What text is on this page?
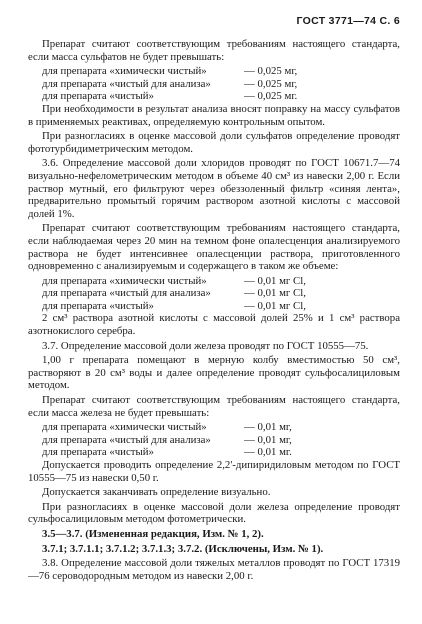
ГОСТ 3771—74 С. 6
Препарат считают соответствующим требованиям настоящего стандарта, если масса сульфатов не будет превышать:
для препарата «химически чистый»	— 0,025 мг,
для препарата «чистый для анализа»	— 0,025 мг,
для препарата «чистый»	— 0,025 мг.
При необходимости в результат анализа вносят поправку на массу сульфатов в применяемых реактивах, определяемую контрольным опытом.
При разногласиях в оценке массовой доли сульфатов определение проводят фототурбидиметрическим методом.
3.6. Определение массовой доли хлоридов проводят по ГОСТ 10671.7—74 визуально-нефелометрическим методом в объеме 40 см³ из навески 2,00 г. Если раствор мутный, его фильтруют через обеззоленный фильтр «синяя лента», предварительно промытый горячим раствором азотной кислоты с массовой долей 1%.
Препарат считают соответствующим требованиям настоящего стандарта, если наблюдаемая через 20 мин на темном фоне опалесценция анализируемого раствора не будет интенсивнее опалесценции раствора, приготовленного одновременно с анализируемым и содержащего в таком же объеме:
для препарата «химически чистый»	— 0,01 мг Cl,
для препарата «чистый для анализа»	— 0,01 мг Cl,
для препарата «чистый»	— 0,01 мг Cl,
2 см³ раствора азотной кислоты с массовой долей 25% и 1 см³ раствора азотнокислого серебра.
3.7. Определение массовой доли железа проводят по ГОСТ 10555—75.
1,00 г препарата помещают в мерную колбу вместимостью 50 см³, растворяют в 20 см³ воды и далее определение проводят сульфосалициловым методом.
Препарат считают соответствующим требованиям настоящего стандарта, если масса железа не будет превышать:
для препарата «химически чистый»	— 0,01 мг,
для препарата «чистый для анализа»	— 0,01 мг,
для препарата «чистый»	— 0,01 мг.
Допускается проводить определение 2,2'-дипиридиловым методом по ГОСТ 10555—75 из навески 0,50 г.
Допускается заканчивать определение визуально.
При разногласиях в оценке массовой доли железа определение проводят сульфосалициловым методом фотометрически.
3.5—3.7. (Измененная редакция, Изм. № 1, 2).
3.7.1; 3.7.1.1; 3.7.1.2; 3.7.1.3; 3.7.2. (Исключены, Изм. № 1).
3.8. Определение массовой доли тяжелых металлов проводят по ГОСТ 17319—76 сероводородным методом из навески 2,00 г.
